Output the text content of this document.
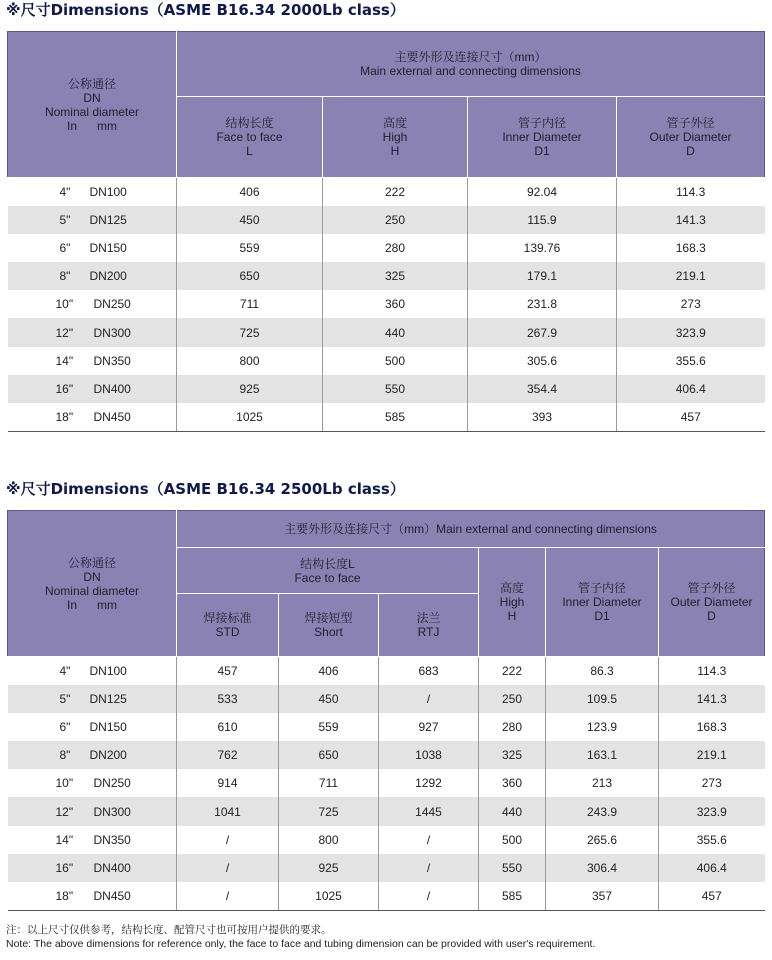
※尺寸Dimensions（ASME B16.34 2000Lb class）
公称通径
DN
Nominal diameter
In      mm	主要外形及连接尺寸（mm）
Main external and connecting dimensions			

	结构长度
Face to face
L	高度
High
H	管子内径
Inner Diameter
D1	管子外径
Outer Diameter
D

4" DN100	406	222	92.04	114.3

5" DN125	450	250	115.9	141.3

6" DN150	559	280	139.76	168.3

8" DN200	650	325	179.1	219.1

10" DN250	711	360	231.8	273

12" DN300	725	440	267.9	323.9

14" DN350	800	500	305.6	355.6

16" DN400	925	550	354.4	406.4

18" DN450	1025	585	393	457
※尺寸Dimensions（ASME B16.34 2500Lb class）
公称通径
DN
Nominal diameter
In      mm	主要外形及连接尺寸（mm）Main external and connecting dimensions					

	结构长度L
Face to face			高度
High
H	管子内径
Inner Diameter
D1	管子外径
Outer Diameter
D

	焊接标准
STD	焊接短型
Short	法兰
RTJ			

4" DN100	457	406	683	222	86.3	114.3

5" DN125	533	450	/	250	109.5	141.3

6" DN150	610	559	927	280	123.9	168.3

8" DN200	762	650	1038	325	163.1	219.1

10" DN250	914	711	1292	360	213	273

12" DN300	1041	725	1445	440	243.9	323.9

14" DN350	/	800	/	500	265.6	355.6

16" DN400	/	925	/	550	306.4	406.4

18" DN450	/	1025	/	585	357	457
注：以上尺寸仅供参考，结构长度、配管尺寸也可按用户提供的要求。
Note: The above dimensions for reference only, the face to face and tubing dimension can be provided with user's requirement.
